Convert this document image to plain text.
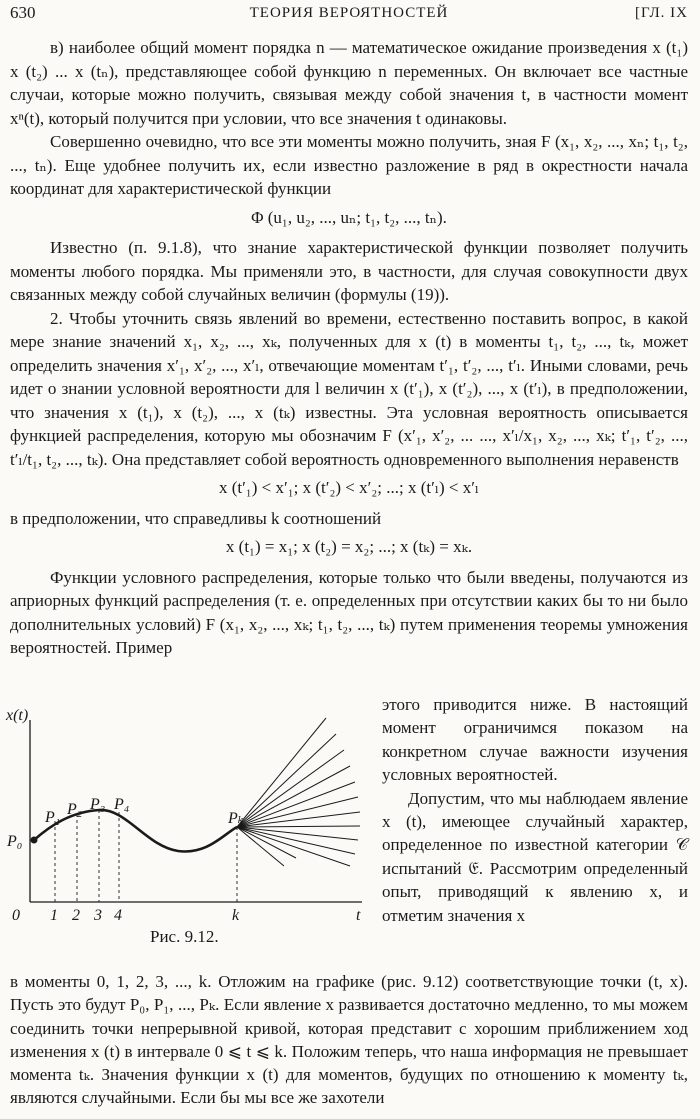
630	ТЕОРИЯ ВЕРОЯТНОСТЕЙ	[ГЛ. IX

в) наиболее общий момент порядка n — математическое ожидание произведения x (t₁) x (t₂) ... x (tₙ), представляющее собой функцию n переменных. Он включает все частные случаи, которые можно получить, связывая между собой значения t, в частности момент xⁿ(t), который получится при условии, что все значения t одинаковы.

Совершенно очевидно, что все эти моменты можно получить, зная F (x₁, x₂, ..., xₙ; t₁, t₂, ..., tₙ). Еще удобнее получить их, если известно разложение в ряд в окрестности начала координат для характеристической функции

Φ (u₁, u₂, ..., uₙ; t₁, t₂, ..., tₙ).

Известно (п. 9.1.8), что знание характеристической функции позволяет получить моменты любого порядка. Мы применяли это, в частности, для случая совокупности двух связанных между собой случайных величин (формулы (19)).

2. Чтобы уточнить связь явлений во времени, естественно поставить вопрос, в какой мере знание значений x₁, x₂, ..., xₖ, полученных для x (t) в моменты t₁, t₂, ..., tₖ, может определить значения x′₁, x′₂, ..., x′ₗ, отвечающие моментам t′₁, t′₂, ..., t′ₗ. Иными словами, речь идет о знании условной вероятности для l величин x (t′₁), x (t′₂), ..., x (t′ₗ), в предположении, что значения x (t₁), x (t₂), ..., x (tₖ) известны. Эта условная вероятность описывается функцией распределения, которую мы обозначим F (x′₁, x′₂, ... ..., x′ₗ/x₁, x₂, ..., xₖ; t′₁, t′₂, ..., t′ₗ/t₁, t₂, ..., tₖ). Она представляет собой вероятность одновременного выполнения неравенств

x (t′₁) < x′₁; x (t′₂) < x′₂; ...; x (t′ₗ) < x′ₗ

в предположении, что справедливы k соотношений

x (t₁) = x₁; x (t₂) = x₂; ...; x (tₖ) = xₖ.

Функции условного распределения, которые только что были введены, получаются из априорных функций распределения (т. е. определенных при отсутствии каких бы то ни было дополнительных условий) F (x₁, x₂, ..., xₖ; t₁, t₂, ..., tₖ) путем применения теоремы умножения вероятностей. Пример

x(t)
t
P₀
P₁ P₂ P₃ P₄
Pₖ
0 1 2 3 4	k
Рис. 9.12.

этого приводится ниже. В настоящий момент ограничимся показом на конкретном случае важности изучения условных вероятностей.

Допустим, что мы наблюдаем явление x (t), имеющее случайный характер, определенное по известной категории 𝒞 испытаний 𝔈. Рассмотрим определенный опыт, приводящий к явлению x, и отметим значения x

в моменты 0, 1, 2, 3, ..., k. Отложим на графике (рис. 9.12) соответствующие точки (t, x). Пусть это будут P₀, P₁, ..., Pₖ. Если явление x развивается достаточно медленно, то мы можем соединить точки непрерывной кривой, которая представит с хорошим приближением ход изменения x (t) в интервале 0 ⩽ t ⩽ k. Положим теперь, что наша информация не превышает момента tₖ. Значения функции x (t) для моментов, будущих по отношению к моменту tₖ, являются случайными. Если бы мы все же захотели
